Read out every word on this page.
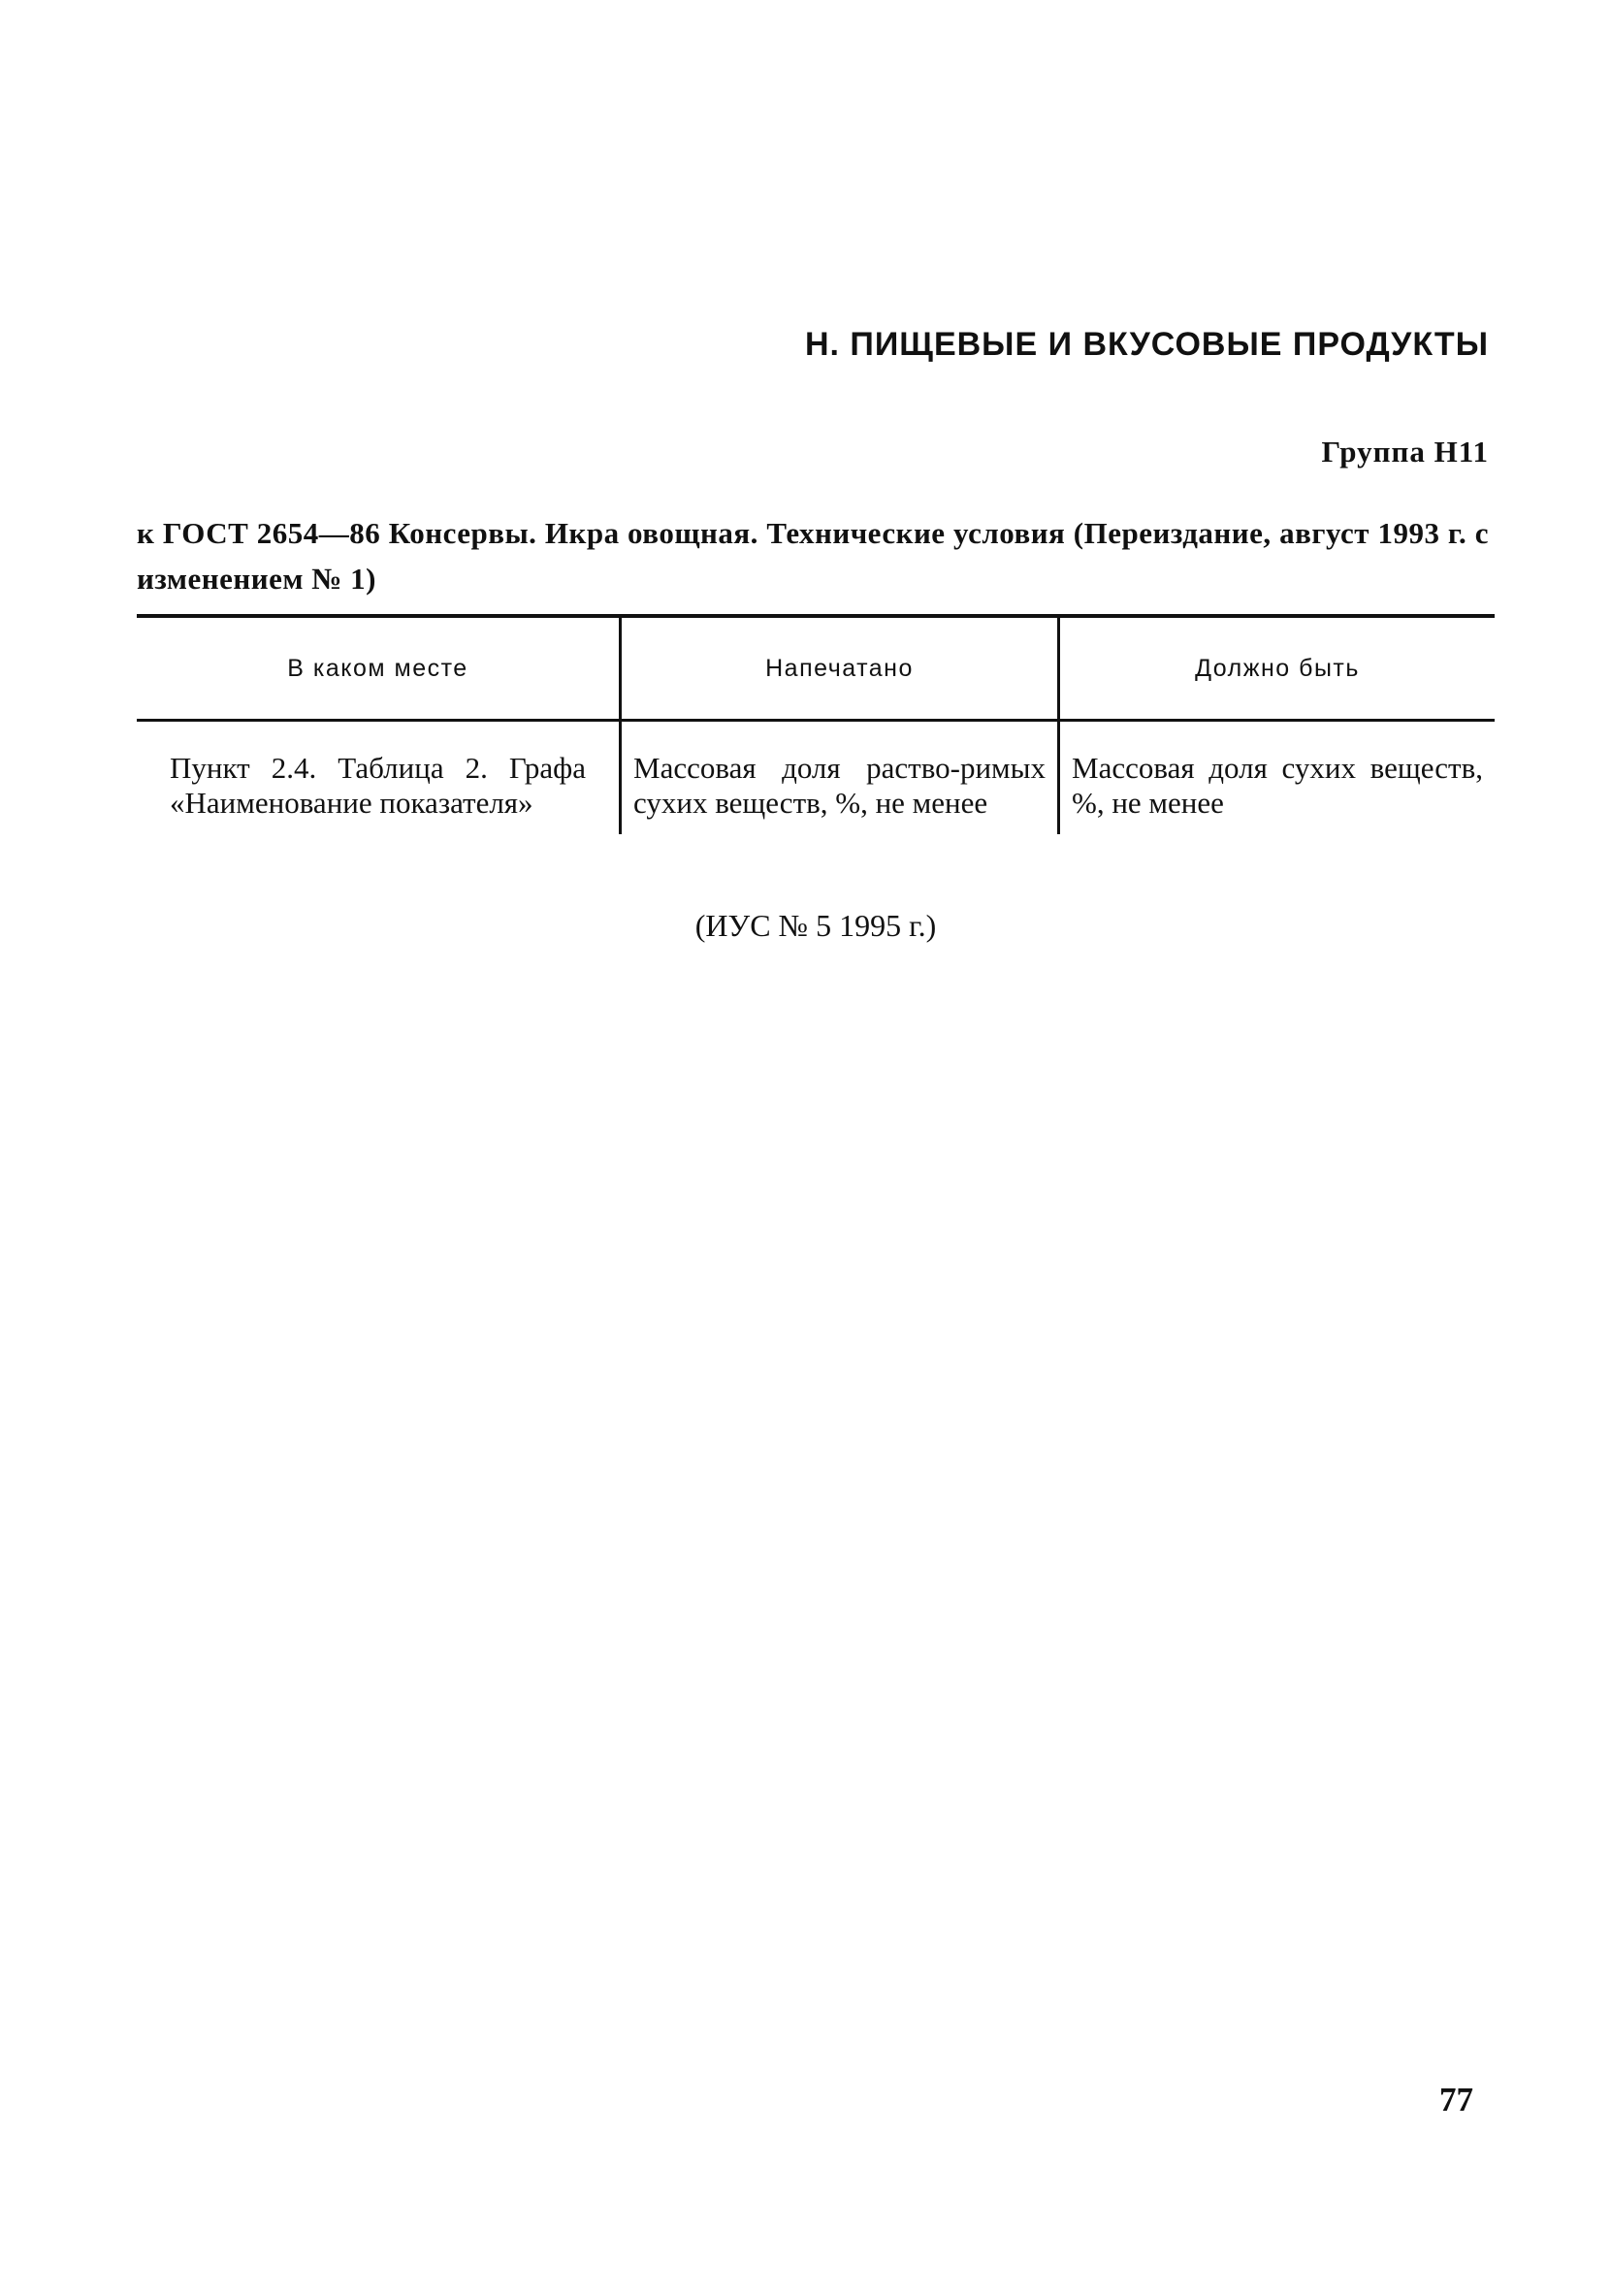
Н. ПИЩЕВЫЕ И ВКУСОВЫЕ ПРОДУКТЫ
Группа Н11
к ГОСТ 2654—86 Консервы. Икра овощная. Технические условия (Переиздание, август 1993 г. с изменением № 1)
В каком месте	Напечатано	Должно быть
Пункт 2.4. Таблица 2. Графа «Наименование показателя»	Массовая доля раство-римых сухих веществ, %, не менее	Массовая доля сухих веществ, %, не менее
(ИУС № 5 1995 г.)
77
